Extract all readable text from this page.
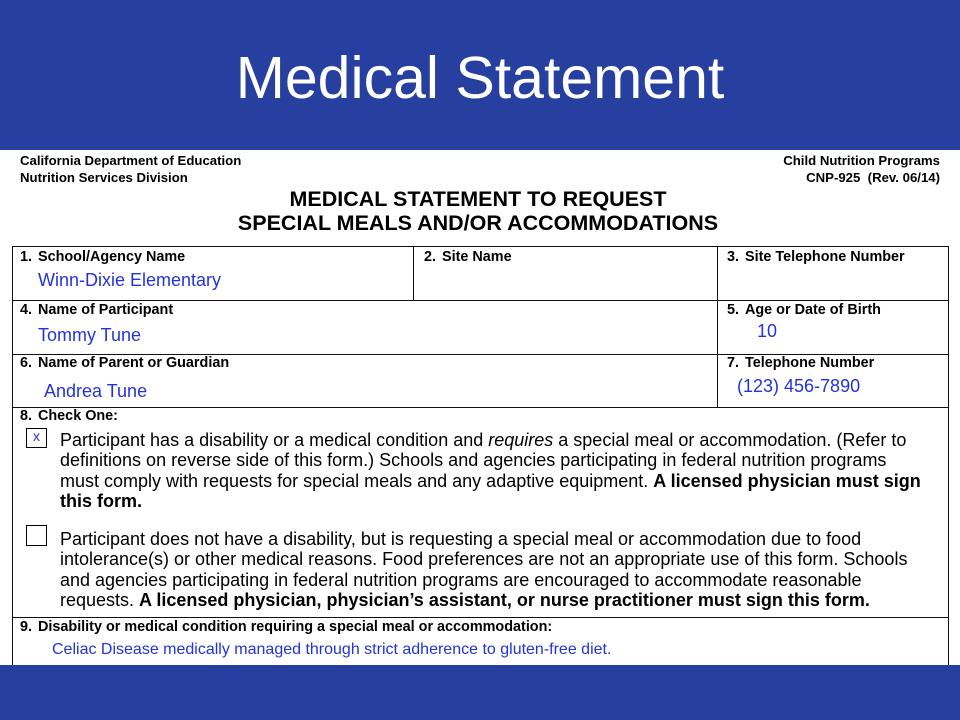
Medical Statement
California Department of Education
Nutrition Services Division
Child Nutrition Programs
CNP-925  (Rev. 06/14)
MEDICAL STATEMENT TO REQUEST
SPECIAL MEALS AND/OR ACCOMMODATIONS
1. School/Agency Name
Winn-Dixie Elementary
2. Site Name	3. Site Telephone Number
4. Name of Participant
Tommy Tune
5. Age or Date of Birth
10
6. Name of Parent or Guardian
Andrea Tune
7. Telephone Number
(123) 456-7890
8. Check One:
x	Participant has a disability or a medical condition and requires a special meal or accommodation. (Refer to
definitions on reverse side of this form.) Schools and agencies participating in federal nutrition programs
must comply with requests for special meals and any adaptive equipment. A licensed physician must sign
this form.
Participant does not have a disability, but is requesting a special meal or accommodation due to food
intolerance(s) or other medical reasons. Food preferences are not an appropriate use of this form. Schools
and agencies participating in federal nutrition programs are encouraged to accommodate reasonable
requests. A licensed physician, physician’s assistant, or nurse practitioner must sign this form.
9. Disability or medical condition requiring a special meal or accommodation:
Celiac Disease medically managed through strict adherence to gluten-free diet.
